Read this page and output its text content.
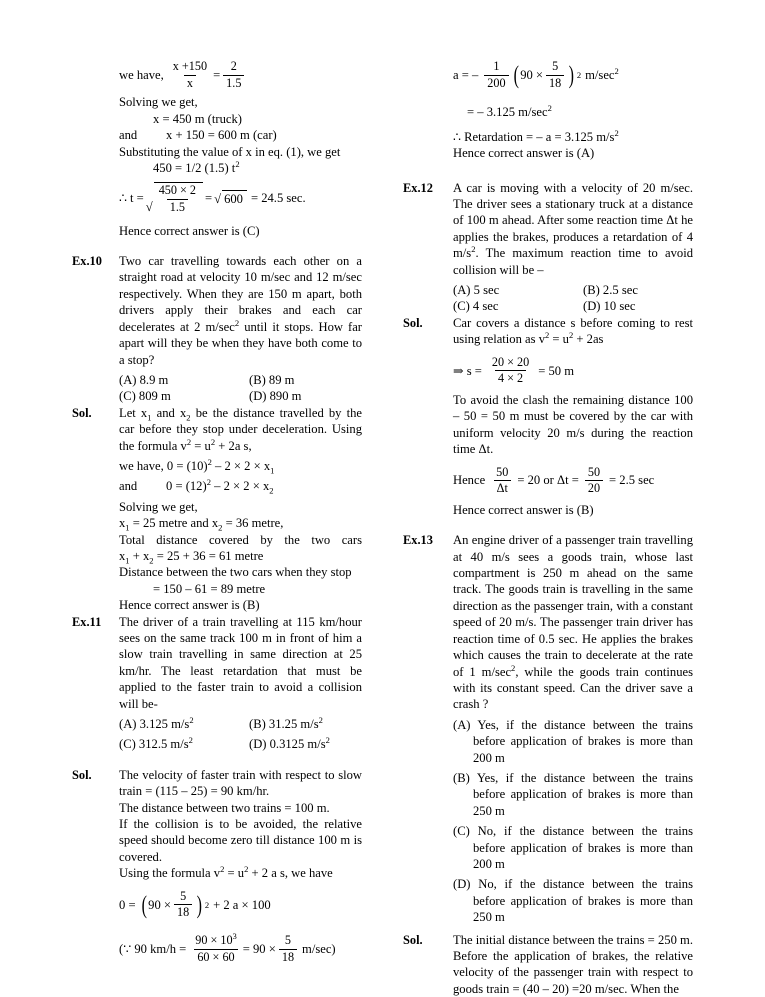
we have, $\frac{x +150}{x} = \frac{2}{1.5}$

Solving we get,

x = 450 m (truck)

and	x + 150 = 600 m (car)

Substituting the value of x in eq. (1), we get

450 = 1/2 (1.5) $t^2$

∴ t =
√ $\frac{450 \times 2}{1.5}$ = √ 600 = 24.5 sec.

Hence correct answer is (C)

Ex.10	Two car travelling towards each other on a straight road at velocity 10 m/sec and 12 m/sec respectively. When they are 150 m apart, both drivers apply their brakes and each car decelerates at 2 $m/\sec^2$ until it stops. How far apart will they be when they have both come to a stop?

(A) 8.9 m	(B) 89 m
(C) 809 m	(D) 890 m
Sol.	Let $x_1$ and $x_2$ be the distance travelled by the car before they stop under deceleration. Using the formula $v^2 = u^2 + 2a$ s,

we have, $0 = (10)^2 - 2 \times 2 \times x_1$

and	$0 = (12)^2 - 2 \times 2 \times x_2$

Solving we get,

$x_1 = 25$ metre and $x_2 = 36$ metre,

Total distance covered by the two cars

$x_1 + x_2 = 25 + 36 = 61$ metre

Distance between the two cars when they stop

= 150 – 61 = 89 metre

Hence correct answer is (B)

Ex.11	The driver of a train travelling at 115 km/hour sees on the same track 100 m in front of him a slow train travelling in same direction at 25 km/hr. The least retardation that must be applied to the faster train to avoid a collision will be-

(A) 3.125 $m/s^2$	(B) 31.25 $m/s^2$
(C) 312.5 $m/s^2$	(D) 0.3125 $m/s^2$
Sol.	The velocity of faster train with respect to slow train = (115 – 25) = 90 km/hr.

The distance between two trains = 100 m.

If the collision is to be avoided, the relative speed should become zero till distance 100 m is covered.

Using the formula $v^2 = u^2 + 2$ a s, we have

0 = ( $90 \times \frac{5}{18}$ ) 2 + 2 a × 100
(∵ 90 $km/h = \frac{90 \times 10^3}{60 \times 60} = 90 \times \frac{5}{18} m/\sec$)
a = – $\frac{1}{200}$ ( $90 \times \frac{5}{18}$ ) 2 $m/\sec^2$

= – 3.125 $m/\sec^2$

∴ Retardation = – a = 3.125 $m/s^2$

Hence correct answer is (A)

Ex.12	A car is moving with a velocity of 20 m/sec. The driver sees a stationary truck at a distance of 100 m ahead. After some reaction time Δt he applies the brakes, produces a retardation of 4 $m/s^2$. The maximum reaction time to avoid collision will be –

(A) 5 sec	(B) 2.5 sec
(C) 4 sec	(D) 10 sec
Sol.	Car covers a distance s before coming to rest using relation as $v^2 = u^2 + 2as$

⇒ $s = \frac{20 \times 20}{4 \times 2} = 50$ m

To avoid the clash the remaining distance 100 – 50 = 50 m must be covered by the car with uniform velocity 20 m/s during the reaction time Δt.

Hence $\frac{50}{\Delta t} = 20$ or $\Delta t = \frac{50}{20} = 2.5$ sec

Hence correct answer is (B)

Ex.13	An engine driver of a passenger train travelling at 40 m/s sees a goods train, whose last compartment is 250 m ahead on the same track. The goods train is travelling in the same direction as the passenger train, with a constant speed of 20 m/s. The passenger train driver has reaction time of 0.5 sec. He applies the brakes which causes the train to decelerate at the rate of 1 $m/\sec^2$, while the goods train continues with its constant speed. Can the driver save a crash ?

(A) Yes, if the distance between the trains before application of brakes is more than 200 m

(B) Yes, if the distance between the trains before application of brakes is more than 250 m

(C) No, if the distance between the trains before application of brakes is more than 200 m

(D) No, if the distance between the trains before application of brakes is more than 250 m

Sol.	The initial distance between the trains = 250 m. Before the application of brakes, the relative velocity of the passenger train with respect to goods train = (40 – 20) =20 m/sec. When the
